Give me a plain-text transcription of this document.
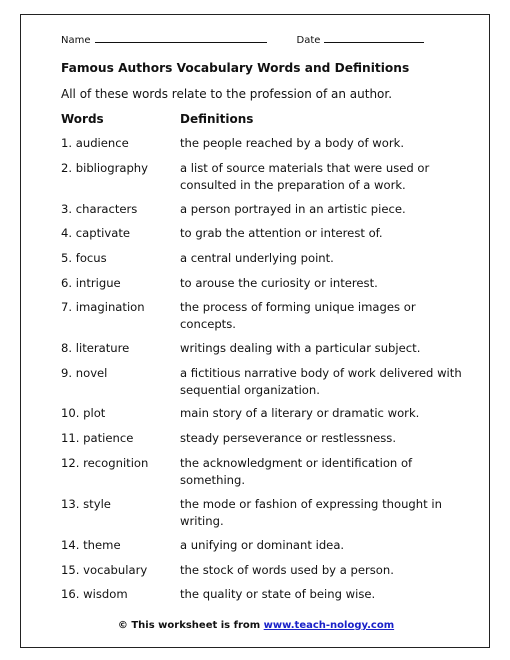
Name	Date
Famous Authors Vocabulary Words and Definitions
All of these words relate to the profession of an author.
Words	Definitions
1. audience	the people reached by a body of work.
2. bibliography	a list of source materials that were used or consulted in the preparation of a work.
3. characters	a person portrayed in an artistic piece.
4. captivate	to grab the attention or interest of.
5. focus	a central underlying point.
6. intrigue	to arouse the curiosity or interest.
7. imagination	the process of forming unique images or concepts.
8. literature	writings dealing with a particular subject.
9. novel	a fictitious narrative body of work delivered with sequential organization.
10. plot	main story of a literary or dramatic work.
11. patience	steady perseverance or restlessness.
12. recognition	the acknowledgment or identification of something.
13. style	the mode or fashion of expressing thought in writing.
14. theme	a unifying or dominant idea.
15. vocabulary	the stock of words used by a person.
16. wisdom	the quality or state of being wise.
© This worksheet is from www.teach-nology.com
